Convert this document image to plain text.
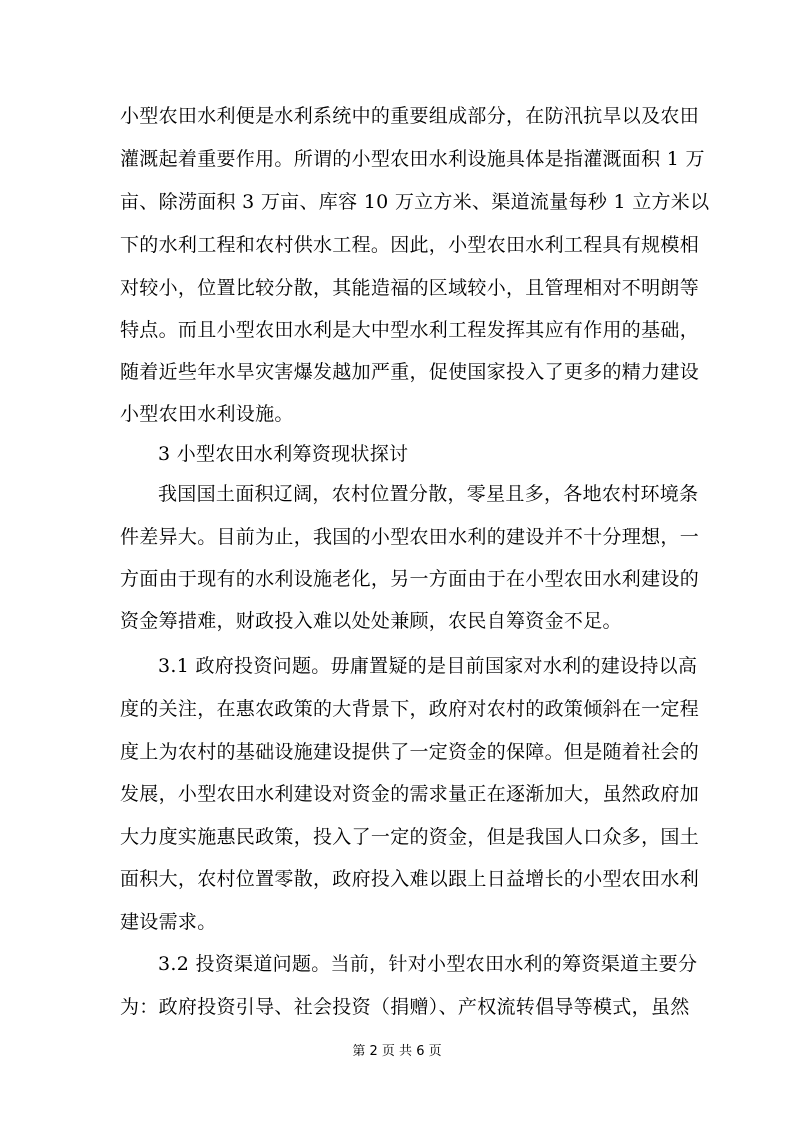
小型农田水利便是水利系统中的重要组成部分，在防汛抗旱以及农田
灌溉起着重要作用。所谓的小型农田水利设施具体是指灌溉面积 1 万
亩、除涝面积 3 万亩、库容 10 万立方米、渠道流量每秒 1 立方米以
下的水利工程和农村供水工程。因此，小型农田水利工程具有规模相
对较小，位置比较分散，其能造福的区域较小，且管理相对不明朗等
特点。而且小型农田水利是大中型水利工程发挥其应有作用的基础，
随着近些年水旱灾害爆发越加严重，促使国家投入了更多的精力建设
小型农田水利设施。
3 小型农田水利筹资现状探讨
我国国土面积辽阔，农村位置分散，零星且多，各地农村环境条
件差异大。目前为止，我国的小型农田水利的建设并不十分理想，一
方面由于现有的水利设施老化，另一方面由于在小型农田水利建设的
资金筹措难，财政投入难以处处兼顾，农民自筹资金不足。
3.1 政府投资问题。毋庸置疑的是目前国家对水利的建设持以高
度的关注，在惠农政策的大背景下，政府对农村的政策倾斜在一定程
度上为农村的基础设施建设提供了一定资金的保障。但是随着社会的
发展，小型农田水利建设对资金的需求量正在逐渐加大，虽然政府加
大力度实施惠民政策，投入了一定的资金，但是我国人口众多，国土
面积大，农村位置零散，政府投入难以跟上日益增长的小型农田水利
建设需求。
3.2 投资渠道问题。当前，针对小型农田水利的筹资渠道主要分
为：政府投资引导、社会投资（捐赠）、产权流转倡导等模式，虽然
第 2 页 共 6 页
